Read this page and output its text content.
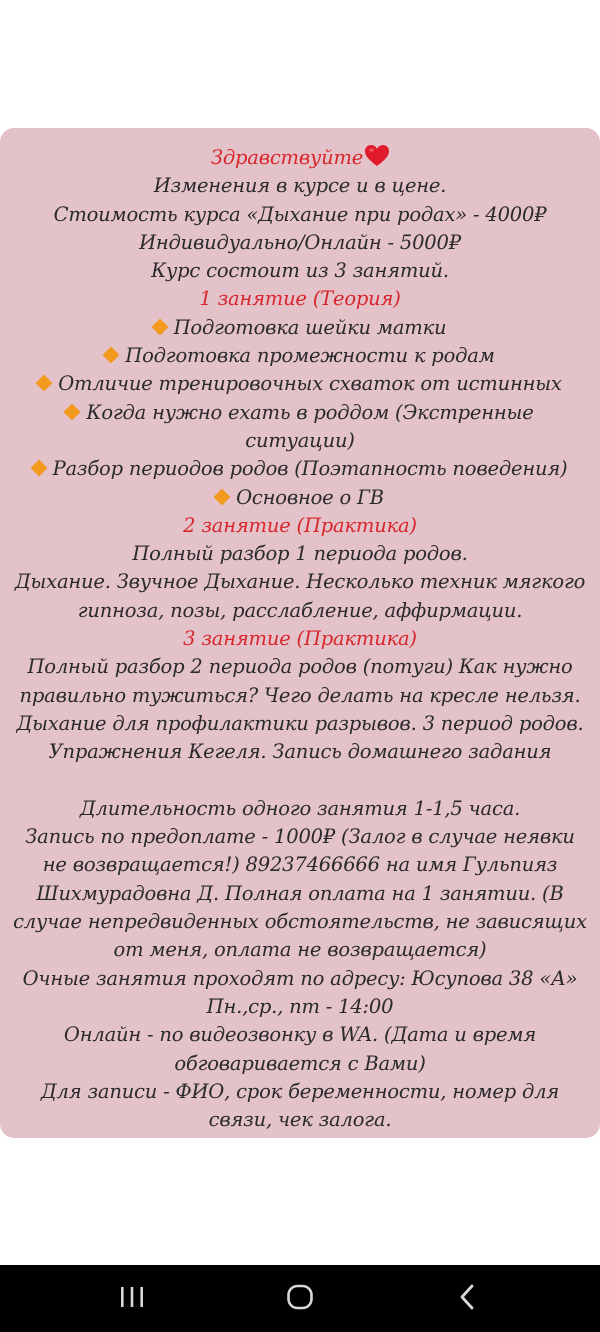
Здравствуйте
Изменения в курсе и в цене.
Стоимость курса «Дыхание при родах» - 4000₽
Индивидуально/Онлайн - 5000₽
Курс состоит из 3 занятий.
1 занятие (Теория)
Подготовка шейки матки
Подготовка промежности к родам
Отличие тренировочных схваток от истинных
Когда нужно ехать в роддом (Экстренные
ситуации)
Разбор периодов родов (Поэтапность поведения)
Основное о ГВ
2 занятие (Практика)
Полный разбор 1 периода родов.
Дыхание. Звучное Дыхание. Несколько техник мягкого
гипноза, позы, расслабление, аффирмации.
3 занятие (Практика)
Полный разбор 2 периода родов (потуги) Как нужно
правильно тужиться? Чего делать на кресле нельзя.
Дыхание для профилактики разрывов. 3 период родов.
Упражнения Кегеля. Запись домашнего задания
Длительность одного занятия 1-1,5 часа.
Запись по предоплате - 1000₽ (Залог в случае неявки
не возвращается!) 89237466666 на имя Гульпияз
Шихмурадовна Д. Полная оплата на 1 занятии. (В
случае непредвиденных обстоятельств, не зависящих
от меня, оплата не возвращается)
Очные занятия проходят по адресу: Юсупова 38 «А»
Пн.,ср., пт - 14:00
Онлайн - по видеозвонку в WA. (Дата и время
обговаривается с Вами)
Для записи - ФИО, срок беременности, номер для
связи, чек залога.
